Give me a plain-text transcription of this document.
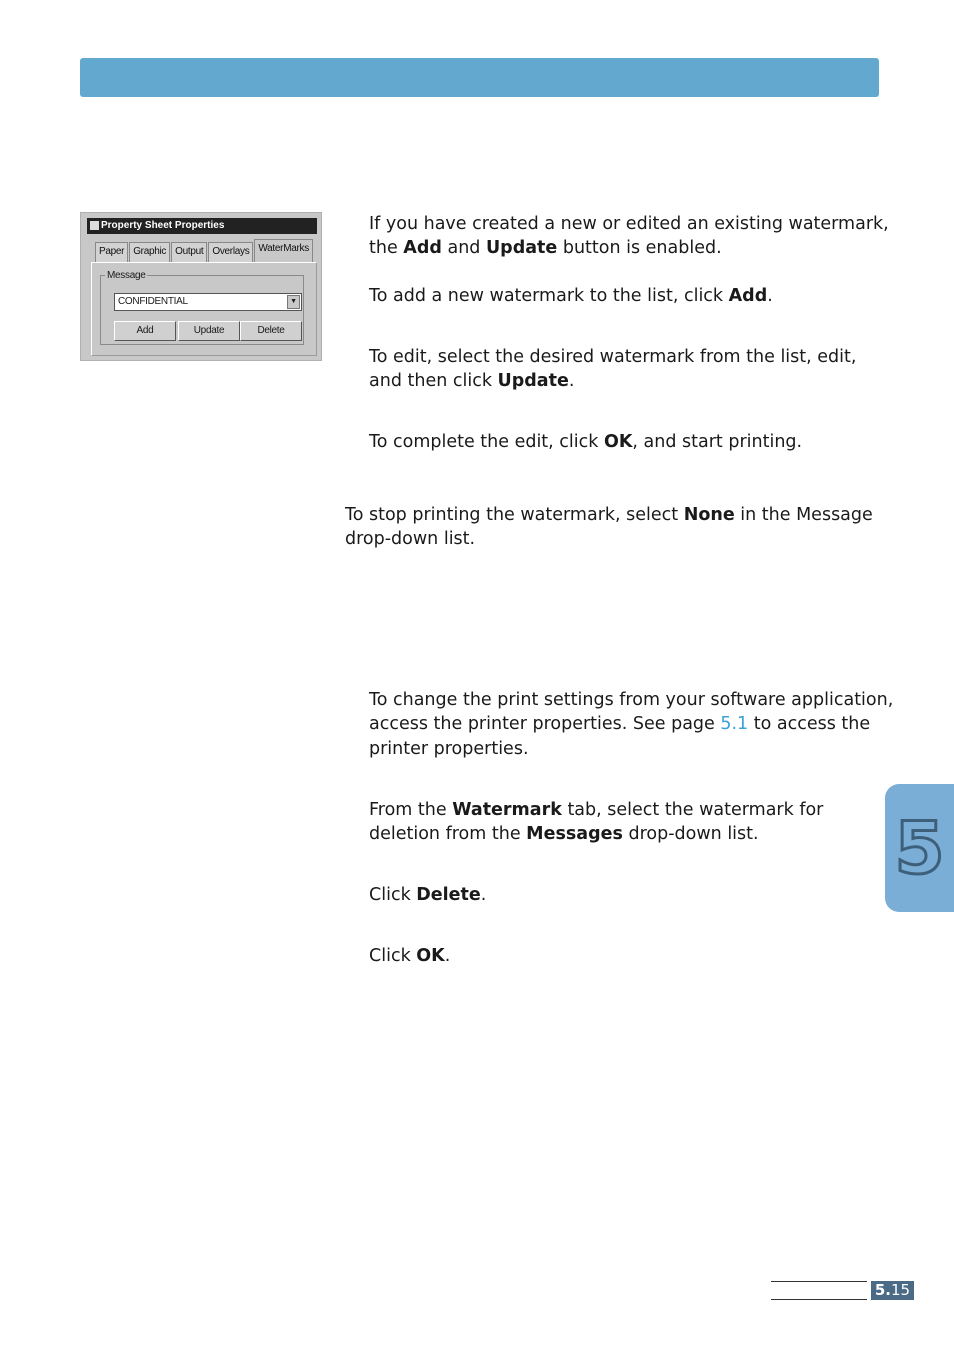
Property Sheet Properties
Paper Graphic Output Overlays WaterMarks
Message
CONFIDENTIAL	▼
Add	Update	Delete

If you have created a new or edited an existing watermark,

the Add and Update button is enabled.

To add a new watermark to the list, click Add.

To edit, select the desired watermark from the list, edit,

and then click Update.

To complete the edit, click OK, and start printing.

To stop printing the watermark, select None in the Message

drop-down list.

To change the print settings from your software application,

access the printer properties. See page 5.1 to access the

printer properties.

From the Watermark tab, select the watermark for

deletion from the Messages drop-down list.

Click Delete.

Click OK.

5
5.15
